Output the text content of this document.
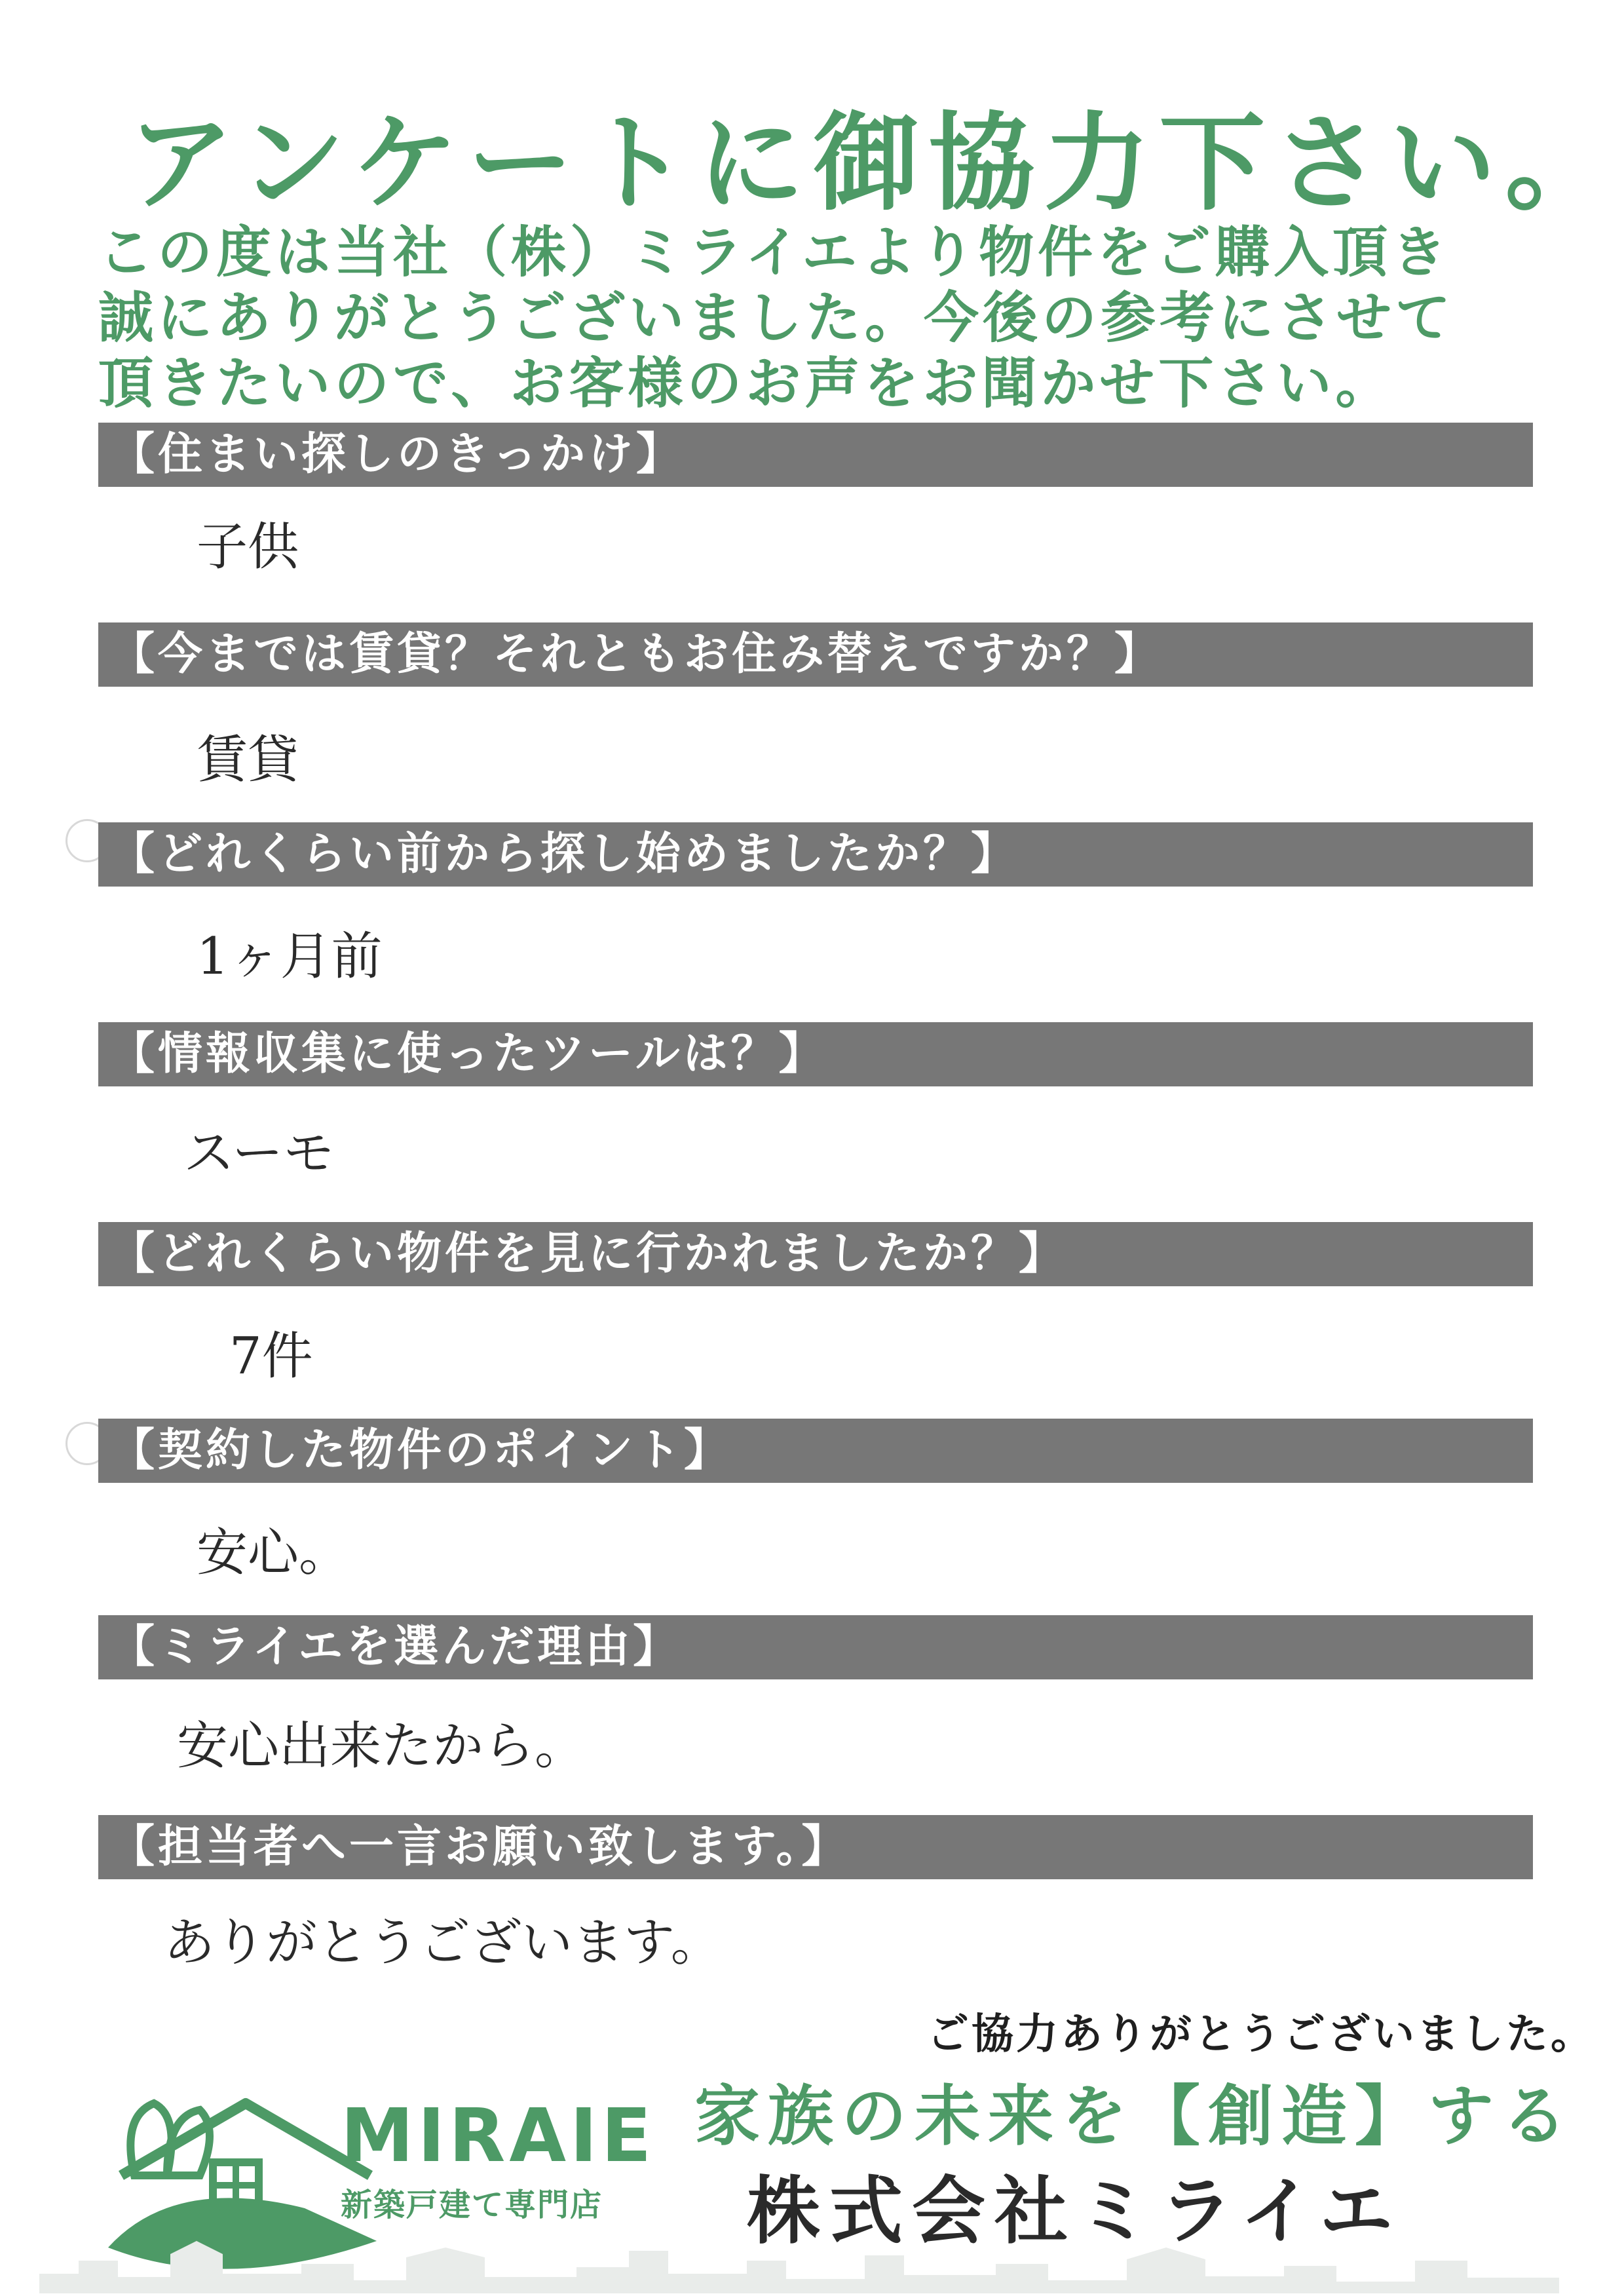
アンケートに御協力下さい。
この度は当社（株）ミライエより物件をご購入頂き
誠にありがとうございました。今後の参考にさせて
頂きたいので、お客様のお声をお聞かせ下さい。
【住まい探しのきっかけ】
子供
【今までは賃貸？それともお住み替えですか？】
賃貸
【どれくらい前から探し始めましたか？】
1ヶ月前
【情報収集に使ったツールは？】
スーモ
【どれくらい物件を見に行かれましたか？】
7件
【契約した物件のポイント】
安心。
【ミライエを選んだ理由】
安心出来たから。
【担当者へ一言お願い致します。】
ありがとうございます。
ご協力ありがとうございました。
MIRAIE
新築戸建て専門店
家族の未来を【創造】する
株式会社ミライエ
